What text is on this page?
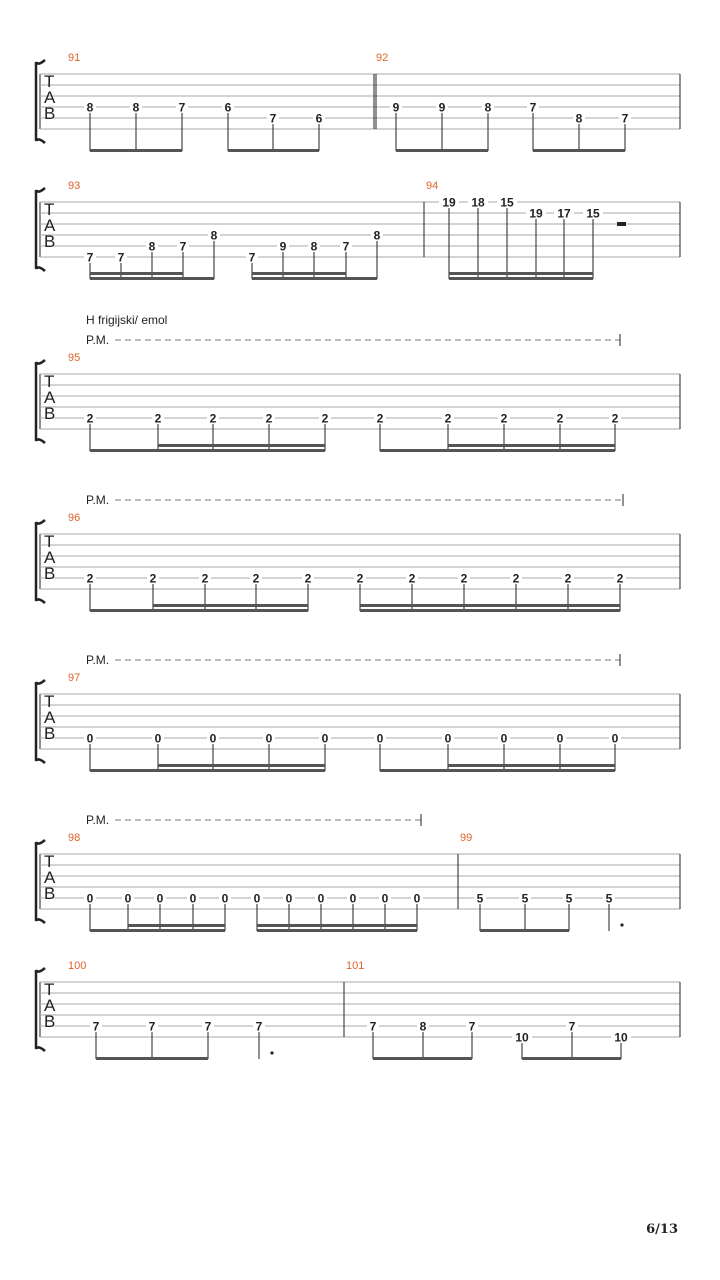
T
A
B
91
8	8	7	6
7	6
92
9	9	8	7
8	7
T
A
B
93
7 7
8 7
8
7
9 8 7
8
94
19 18 15
19 17 15
T
A
B
H frigijski/ emol
P.M.
95
2	2	2	2	2	2	2	2	2	2
T
A
B
P.M.
96
2	2	2	2	2	2	2	2	2	2	2
T
A
B
P.M.
97
0	0	0	0	0	0	0	0	0	0
T
A
B
P.M.
98
0	0 0 0 0 0 0 0 0 0 0
99
5	5	5	5
T
A
B
100
7	7	7	7
101
7	8	7
10
7
10
6/13
